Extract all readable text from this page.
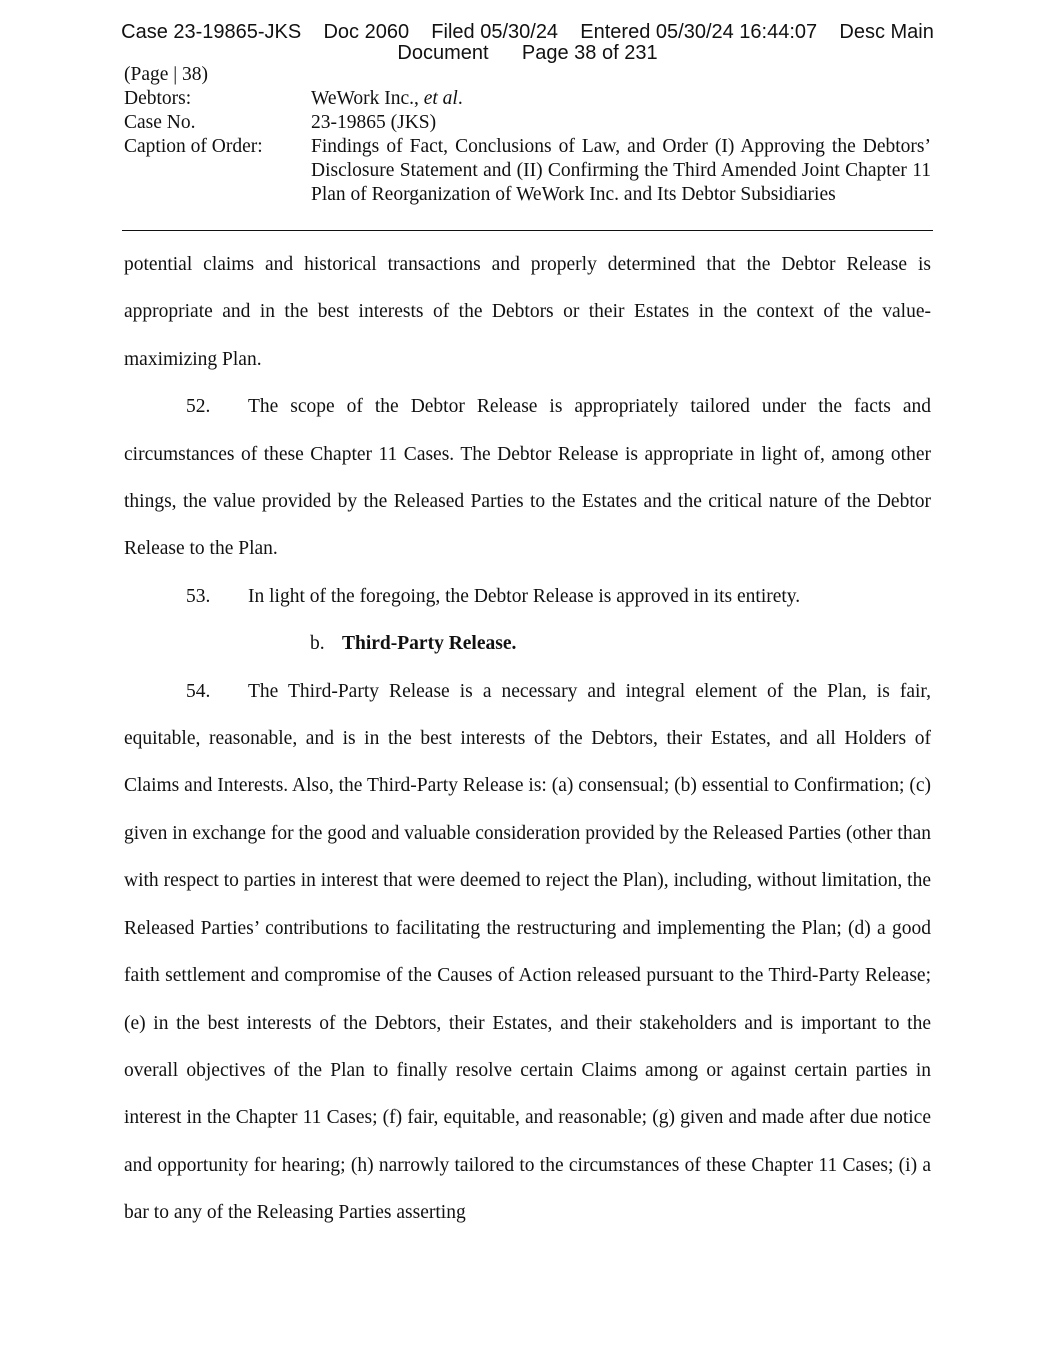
Case 23-19865-JKS    Doc 2060    Filed 05/30/24    Entered 05/30/24 16:44:07    Desc Main
Document      Page 38 of 231
(Page | 38)
Debtors:	WeWork Inc., et al.
Case No.	23-19865 (JKS)
Caption of Order:	Findings of Fact, Conclusions of Law, and Order (I) Approving the Debtors’ Disclosure Statement and (II) Confirming the Third Amended Joint Chapter 11 Plan of Reorganization of WeWork Inc. and Its Debtor Subsidiaries

potential claims and historical transactions and properly determined that the Debtor Release is appropriate and in the best interests of the Debtors or their Estates in the context of the value-maximizing Plan.

52. The scope of the Debtor Release is appropriately tailored under the facts and circumstances of these Chapter 11 Cases. The Debtor Release is appropriate in light of, among other things, the value provided by the Released Parties to the Estates and the critical nature of the Debtor Release to the Plan.

53. In light of the foregoing, the Debtor Release is approved in its entirety.

b. Third-Party Release.

54. The Third-Party Release is a necessary and integral element of the Plan, is fair, equitable, reasonable, and is in the best interests of the Debtors, their Estates, and all Holders of Claims and Interests. Also, the Third-Party Release is: (a) consensual; (b) essential to Confirmation; (c) given in exchange for the good and valuable consideration provided by the Released Parties (other than with respect to parties in interest that were deemed to reject the Plan), including, without limitation, the Released Parties’ contributions to facilitating the restructuring and implementing the Plan; (d) a good faith settlement and compromise of the Causes of Action released pursuant to the Third-Party Release; (e) in the best interests of the Debtors, their Estates, and their stakeholders and is important to the overall objectives of the Plan to finally resolve certain Claims among or against certain parties in interest in the Chapter 11 Cases; (f) fair, equitable, and reasonable; (g) given and made after due notice and opportunity for hearing; (h) narrowly tailored to the circumstances of these Chapter 11 Cases; (i) a bar to any of the Releasing Parties asserting
